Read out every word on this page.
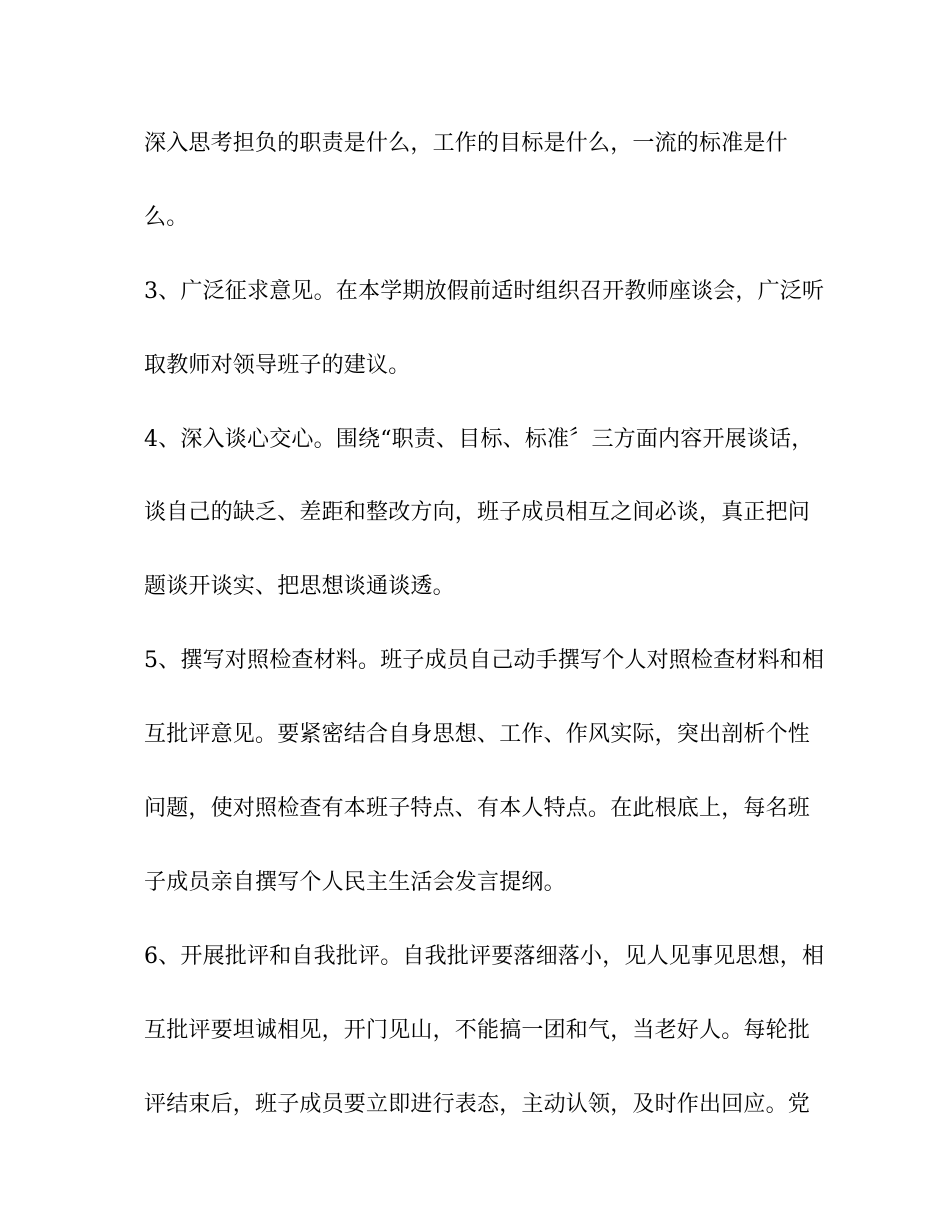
深入思考担负的职责是什么，工作的目标是什么，一流的标准是什
么。
3、广泛征求意见。在本学期放假前适时组织召开教师座谈会，广泛听
取教师对领导班子的建议。
4、深入谈心交心。围绕“职责、目标、标准〞三方面内容开展谈话，
谈自己的缺乏、差距和整改方向，班子成员相互之间必谈，真正把问
题谈开谈实、把思想谈通谈透。
5、撰写对照检查材料。班子成员自己动手撰写个人对照检查材料和相
互批评意见。要紧密结合自身思想、工作、作风实际，突出剖析个性
问题，使对照检查有本班子特点、有本人特点。在此根底上，每名班
子成员亲自撰写个人民主生活会发言提纲。
6、开展批评和自我批评。自我批评要落细落小，见人见事见思想，相
互批评要坦诚相见，开门见山，不能搞一团和气，当老好人。每轮批
评结束后，班子成员要立即进行表态，主动认领，及时作出回应。党
